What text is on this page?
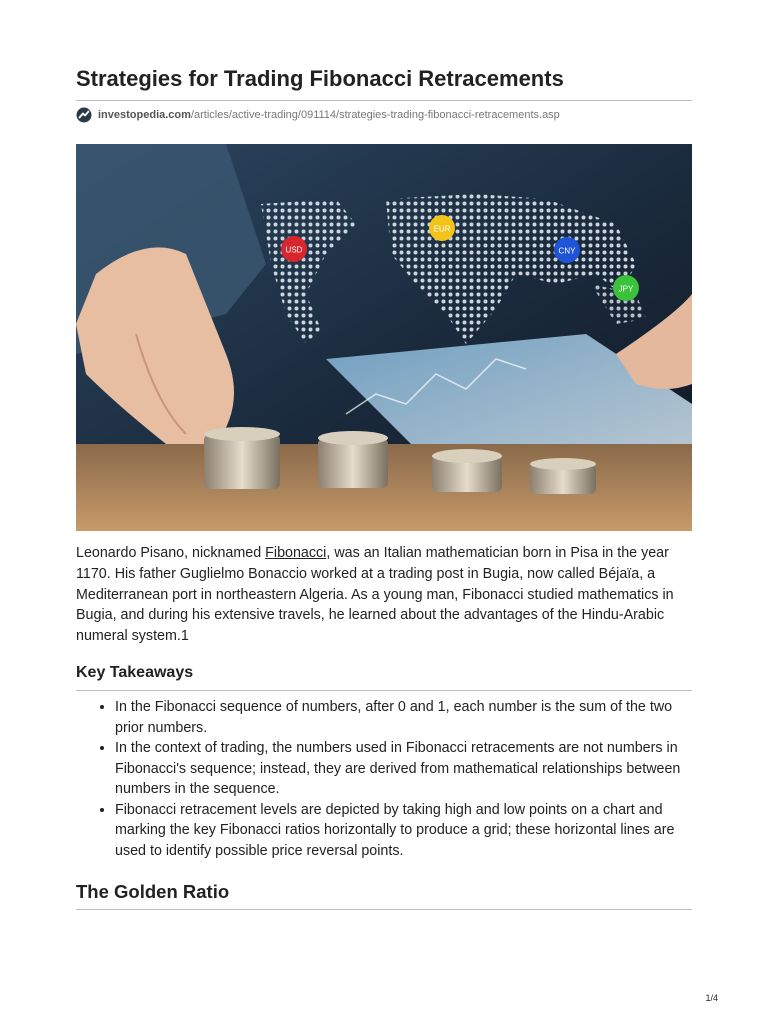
Strategies for Trading Fibonacci Retracements
investopedia.com /articles/active-trading/091114/strategies-trading-fibonacci-retracements.asp
USD
EUR
CNY
JPY

Leonardo Pisano, nicknamed Fibonacci, was an Italian mathematician born in Pisa in the year 1170. His father Guglielmo Bonaccio worked at a trading post in Bugia, now called Béjaïa, a Mediterranean port in northeastern Algeria. As a young man, Fibonacci studied mathematics in Bugia, and during his extensive travels, he learned about the advantages of the Hindu-Arabic numeral system.1

Key Takeaways
• In the Fibonacci sequence of numbers, after 0 and 1, each number is the sum of the two prior numbers.
• In the context of trading, the numbers used in Fibonacci retracements are not numbers in Fibonacci's sequence; instead, they are derived from mathematical relationships between numbers in the sequence.
• Fibonacci retracement levels are depicted by taking high and low points on a chart and marking the key Fibonacci ratios horizontally to produce a grid; these horizontal lines are used to identify possible price reversal points.
The Golden Ratio
1/4
